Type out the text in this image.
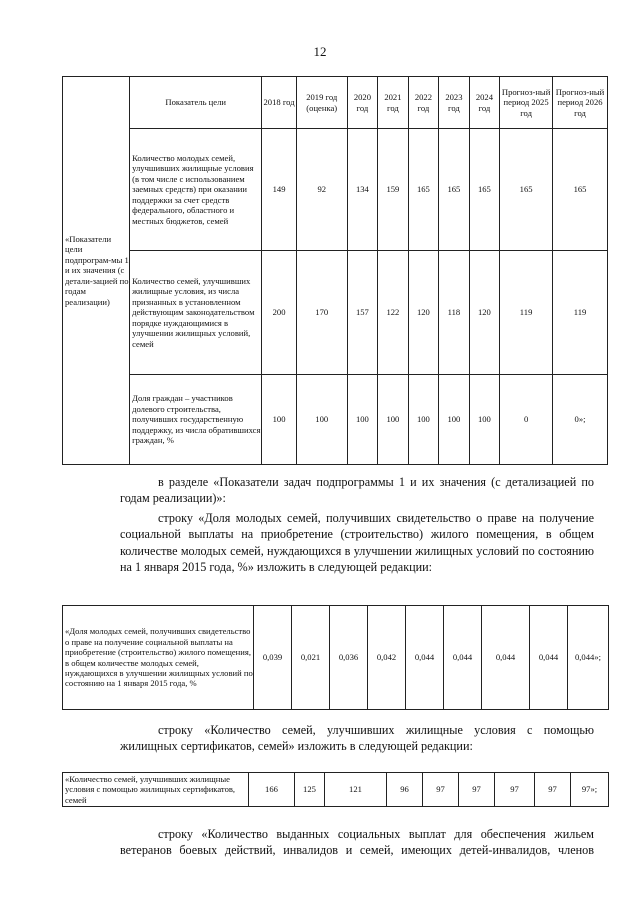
12
«Показатели цели подпрограм-мы 1 и их значения (с детали-зацией по годам реализации)	Показатель цели	2018 год	2019 год (оценка)	2020 год	2021 год	2022 год	2023 год	2024 год	Прогноз-ный период 2025 год	Прогноз-ный период 2026 год
	Количество молодых семей, улучшивших жилищные условия (в том числе с использованием заемных средств) при оказании поддержки за счет средств федерального, областного и местных бюджетов, семей	149	92	134	159	165	165	165	165	165
	Количество семей, улучшивших жилищные условия, из числа признанных в установленном действующим законодательством порядке нуждающимися в улучшении жилищных условий, семей	200	170	157	122	120	118	120	119	119
	Доля граждан – участников долевого строительства, получивших государственную поддержку, из числа обратившихся граждан, %	100	100	100	100	100	100	100	0	0»;
в разделе «Показатели задач подпрограммы 1 и их значения (с детализацией по годам реализации)»:
строку «Доля молодых семей, получивших свидетельство о праве на получение социальной выплаты на приобретение (строительство) жилого помещения, в общем количестве молодых семей, нуждающихся в улучшении жилищных условий по состоянию на 1 января 2015 года, %» изложить в следующей редакции:
«Доля молодых семей, получивших свидетельство о праве на получение социальной выплаты на приобретение (строительство) жилого помещения, в общем количестве молодых семей, нуждающихся в улучшении жилищных условий по состоянию на 1 января 2015 года, %	0,039	0,021	0,036	0,042	0,044	0,044	0,044	0,044	0,044»;
строку «Количество семей, улучшивших жилищные условия с помощью жилищных сертификатов, семей» изложить в следующей редакции:
«Количество семей, улучшивших жилищные условия с помощью жилищных сертификатов, семей	166	125	121	96	97	97	97	97	97»;
строку «Количество выданных социальных выплат для обеспечения жильем ветеранов боевых действий, инвалидов и семей, имеющих детей-инвалидов, членов
